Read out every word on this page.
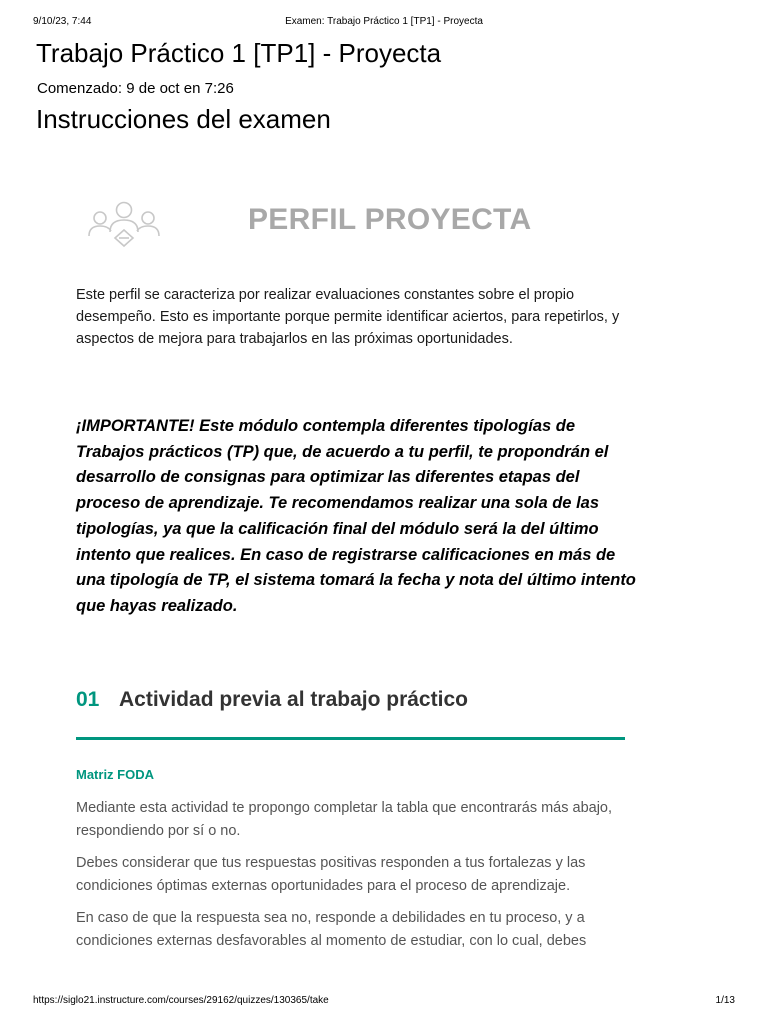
9/10/23, 7:44	Examen: Trabajo Práctico 1 [TP1] - Proyecta
Trabajo Práctico 1 [TP1] - Proyecta
Comenzado: 9 de oct en 7:26
Instrucciones del examen
PERFIL PROYECTA

Este perfil se caracteriza por realizar evaluaciones constantes sobre el propio desempeño. Esto es importante porque permite identificar aciertos, para repetirlos, y aspectos de mejora para trabajarlos en las próximas oportunidades.

¡IMPORTANTE! Este módulo contempla diferentes tipologías de Trabajos prácticos (TP) que, de acuerdo a tu perfil, te propondrán el desarrollo de consignas para optimizar las diferentes etapas del proceso de aprendizaje. Te recomendamos realizar una sola de las tipologías, ya que la calificación final del módulo será la del último intento que realices. En caso de registrarse calificaciones en más de una tipología de TP, el sistema tomará la fecha y nota del último intento que hayas realizado.

01 Actividad previa al trabajo práctico
Matriz FODA

Mediante esta actividad te propongo completar la tabla que encontrarás más abajo, respondiendo por sí o no.

Debes considerar que tus respuestas positivas responden a tus fortalezas y las condiciones óptimas externas oportunidades para el proceso de aprendizaje.

En caso de que la respuesta sea no, responde a debilidades en tu proceso, y a condiciones externas desfavorables al momento de estudiar, con lo cual, debes

https://siglo21.instructure.com/courses/29162/quizzes/130365/take	1/13
